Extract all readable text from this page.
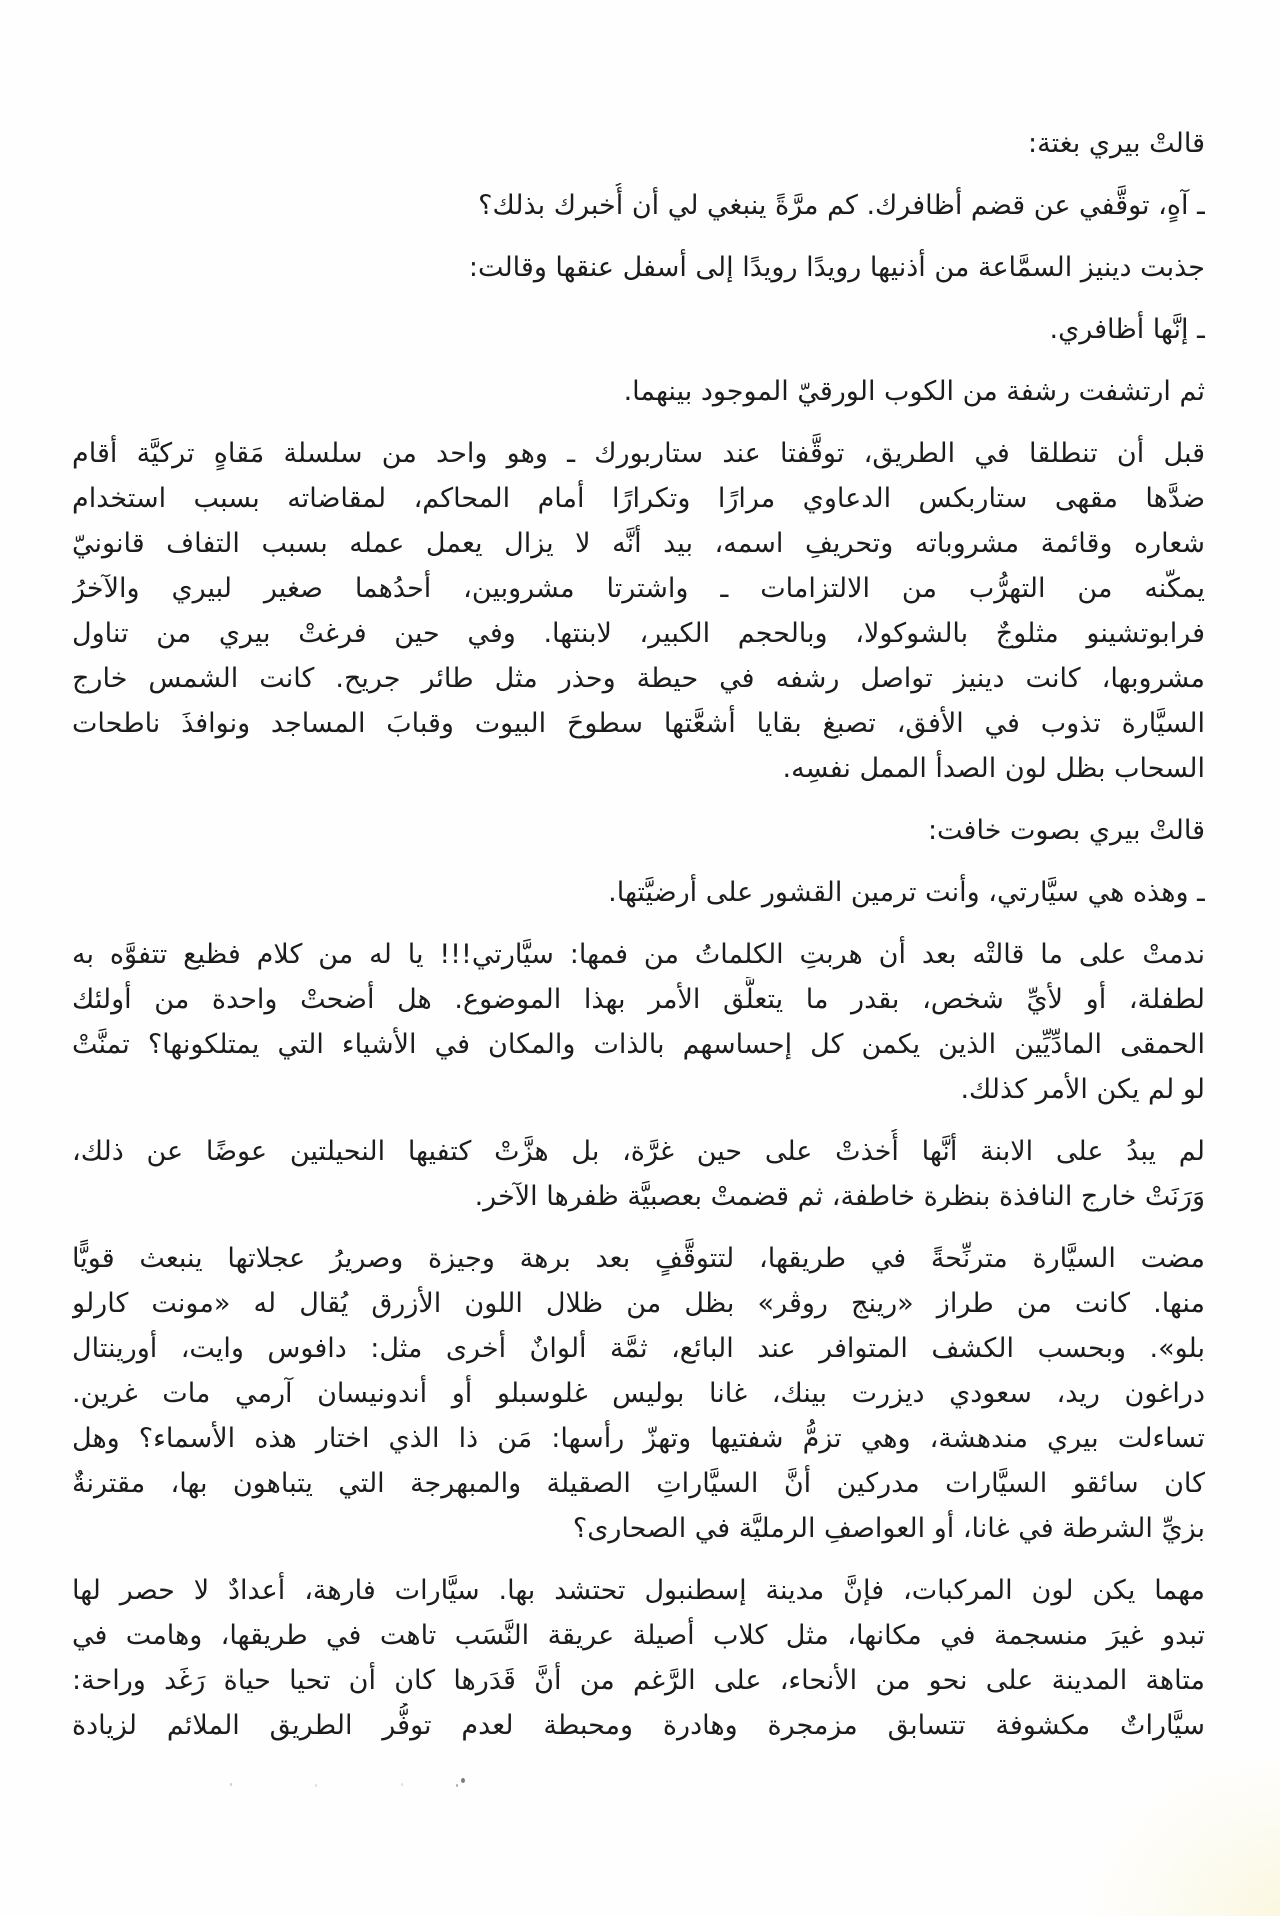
قالتْ بيري بغتة:
ـ آهٍ، توقَّفي عن قضم أظافرك. كم مرَّةً ينبغي لي أن أُخبرك بذلك؟
جذبت دينيز السمَّاعة من أذنيها رويدًا رويدًا إلى أسفل عنقها وقالت:
ـ إنَّها أظافري.
ثم ارتشفت رشفة من الكوب الورقيّ الموجود بينهما.
قبل أن تنطلقا في الطريق، توقَّفتا عند ستاربورك ـ وهو واحد من سلسلة مَقاهٍ تركيَّة أقام
ضدَّها مقهى ستاربكس الدعاوي مرارًا وتكرارًا أمام المحاكم، لمقاضاته بسبب استخدام
شعاره وقائمة مشروباته وتحريفِ اسمه، بيد أنَّه لا يزال يعمل عمله بسبب التفاف قانونيّ
يمكّنه من التهرُّب من الالتزامات ـ واشترتا مشروبين، أحدُهما صغير لبيري والآخرُ
فرابوتشينو مثلوجٌ بالشوكولا، وبالحجم الكبير، لابنتها. وفي حين فرغتْ بيري من تناول
مشروبها، كانت دينيز تواصل رشفه في حيطة وحذر مثل طائر جريح. كانت الشمس خارج
السيَّارة تذوب في الأفق، تصبغ بقايا أشعَّتها سطوحَ البيوت وقبابَ المساجد ونوافذَ ناطحات
السحاب بظل لون الصدأ الممل نفسِه.
قالتْ بيري بصوت خافت:
ـ وهذه هي سيَّارتي، وأنت ترمين القشور على أرضيَّتها.
ندمتْ على ما قالتْه بعد أن هربتِ الكلماتُ من فمها: سيَّارتي!!! يا له من كلام فظيع تتفوَّه به
لطفلة، أو لأيِّ شخص، بقدر ما يتعلَّق الأمر بهذا الموضوع. هل أضحتْ واحدة من أولئك
الحمقى المادِّيِّين الذين يكمن كل إحساسهم بالذات والمكان في الأشياء التي يمتلكونها؟ تمنَّتْ
لو لم يكن الأمر كذلك.
لم يبدُ على الابنة أنَّها أُخذتْ على حين غرَّة، بل هزَّتْ كتفيها النحيلتين عوضًا عن ذلك،
وَرَنَتْ خارج النافذة بنظرة خاطفة، ثم قضمتْ بعصبيَّة ظفرها الآخر.
مضت السيَّارة مترنِّحةً في طريقها، لتتوقَّفٍ بعد برهة وجيزة وصريرُ عجلاتها ينبعث قويًّا
منها. كانت من طراز «رينج روڤر» بظل من ظلال اللون الأزرق يُقال له «مونت كارلو
بلو». وبحسب الكشف المتوافر عند البائع، ثمَّة ألوانٌ أخرى مثل: دافوس وايت، أورينتال
دراغون ريد، سعودي ديزرت بينك، غانا بوليس غلوسبلو أو أندونيسان آرمي مات غرين.
تساءلت بيري مندهشة، وهي تزمُّ شفتيها وتهزّ رأسها: مَن ذا الذي اختار هذه الأسماء؟ وهل
كان سائقو السيَّارات مدركين أنَّ السيَّاراتِ الصقيلة والمبهرجة التي يتباهون بها، مقترنةٌ
بزيِّ الشرطة في غانا، أو العواصفِ الرمليَّة في الصحارى؟
مهما يكن لون المركبات، فإنَّ مدينة إسطنبول تحتشد بها. سيَّارات فارهة، أعدادٌ لا حصر لها
تبدو غيرَ منسجمة في مكانها، مثل كلاب أصيلة عريقة النَّسَب تاهت في طريقها، وهامت في
متاهة المدينة على نحو من الأنحاء، على الرَّغم من أنَّ قَدَرها كان أن تحيا حياة رَغَد وراحة:
سيَّاراتٌ مكشوفة تتسابق مزمجرة وهادرة ومحبطة لعدم توفُّر الطريق الملائم لزيادة
